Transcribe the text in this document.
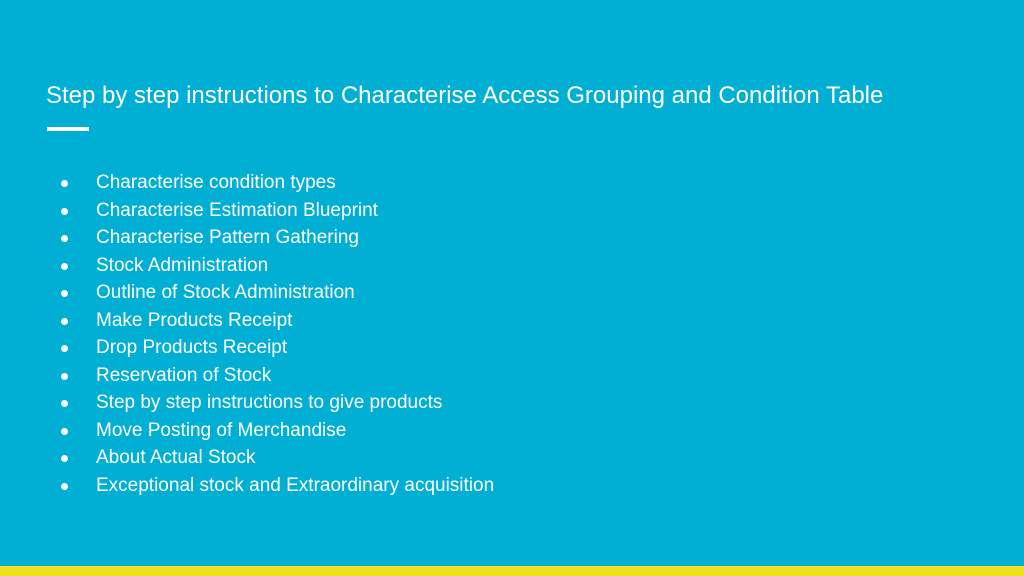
Step by step instructions to Characterise Access Grouping and Condition Table
Characterise condition types
Characterise Estimation Blueprint
Characterise Pattern Gathering
Stock Administration
Outline of Stock Administration
Make Products Receipt
Drop Products Receipt
Reservation of Stock
Step by step instructions to give products
Move Posting of Merchandise
About Actual Stock
Exceptional stock and Extraordinary acquisition
